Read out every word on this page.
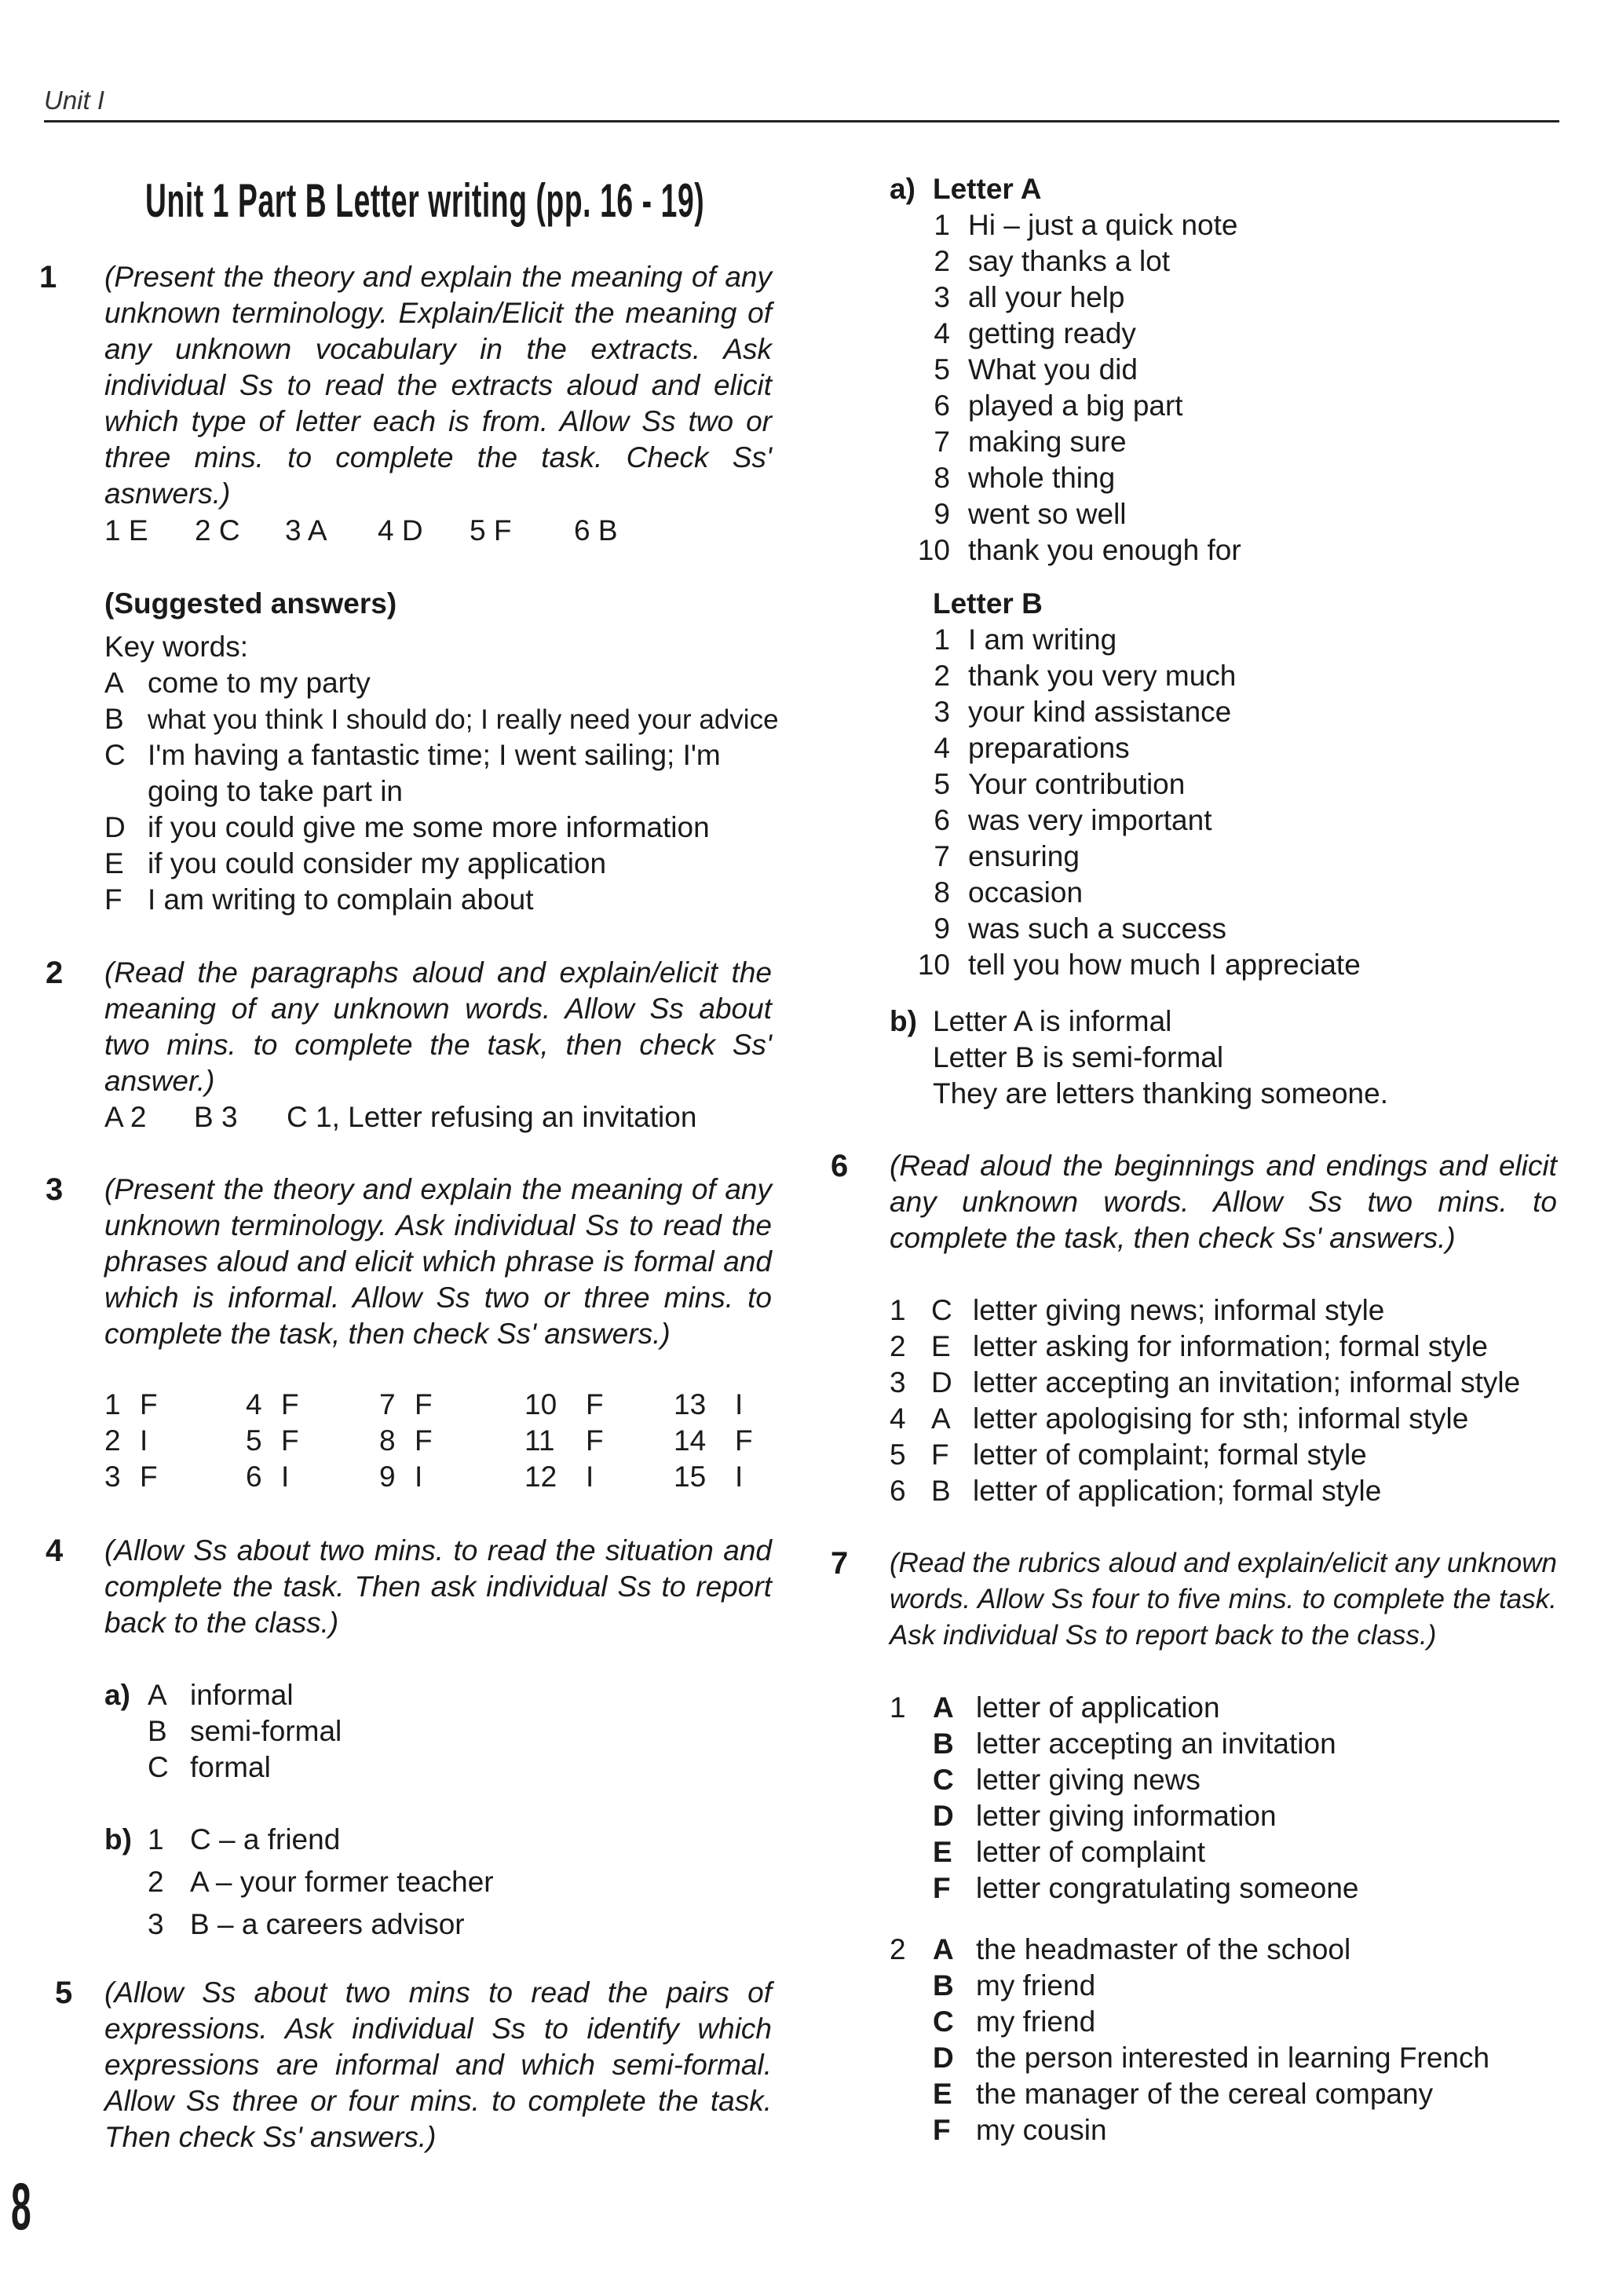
Unit I
Unit 1 Part B Letter writing (pp. 16 - 19)
1 (Present the theory and explain the meaning of any unknown terminology. Explain/Elicit the meaning of any unknown vocabulary in the extracts. Ask individual Ss to read the extracts aloud and elicit which type of letter each is from. Allow Ss two or three mins. to complete the task. Check Ss' asnwers.)
1 E 2 C 3 A 4 D 5 F 6 B
(Suggested answers)
Key words:
A come to my party
B what you think I should do; I really need your advice
C I'm having a fantastic time; I went sailing; I'm
going to take part in
D if you could give me some more information
E if you could consider my application
F I am writing to complain about
2 (Read the paragraphs aloud and explain/elicit the meaning of any unknown words. Allow Ss about two mins. to complete the task, then check Ss' answer.)
A 2 B 3 C 1, Letter refusing an invitation
3 (Present the theory and explain the meaning of any unknown terminology. Ask individual Ss to read the phrases aloud and elicit which phrase is formal and which is informal. Allow Ss two or three mins. to complete the task, then check Ss' answers.)
1 F	4 F	7 F	10 F	13 I
2 I	5 F	8 F	11	F	14 F
3 F	6 I	9 I	12 I	15 I
4 (Allow Ss about two mins. to read the situation and complete the task. Then ask individual Ss to report back to the class.)
a) A informal
B semi-formal
C formal
b) 1 C – a friend
2 A – your former teacher
3 B – a careers advisor
5 (Allow Ss about two mins to read the pairs of expressions. Ask individual Ss to identify which expressions are informal and which semi-formal. Allow Ss three or four mins. to complete the task. Then check Ss' answers.)
8
a) Letter A
1 Hi – just a quick note
2 say thanks a lot
3 all your help
4 getting ready
5 What you did
6 played a big part
7 making sure
8 whole thing
9 went so well
10 thank you enough for
Letter B
1 I am writing
2 thank you very much
3 your kind assistance
4 preparations
5 Your contribution
6 was very important
7 ensuring
8 occasion
9 was such a success
10 tell you how much I appreciate
b) Letter A is informal
Letter B is semi-formal
They are letters thanking someone.
6 (Read aloud the beginnings and endings and elicit any unknown words. Allow Ss two mins. to complete the task, then check Ss' answers.)
1 C letter giving news; informal style
2 E letter asking for information; formal style
3 D letter accepting an invitation; informal style
4 A letter apologising for sth; informal style
5 F letter of complaint; formal style
6 B letter of application; formal style
7 (Read the rubrics aloud and explain/elicit any unknown words. Allow Ss four to five mins. to complete the task. Ask individual Ss to report back to the class.)
1 A letter of application
B letter accepting an invitation
C letter giving news
D letter giving information
E letter of complaint
F letter congratulating someone
2 A the headmaster of the school
B my friend
C my friend
D the person interested in learning French
E the manager of the cereal company
F my cousin
